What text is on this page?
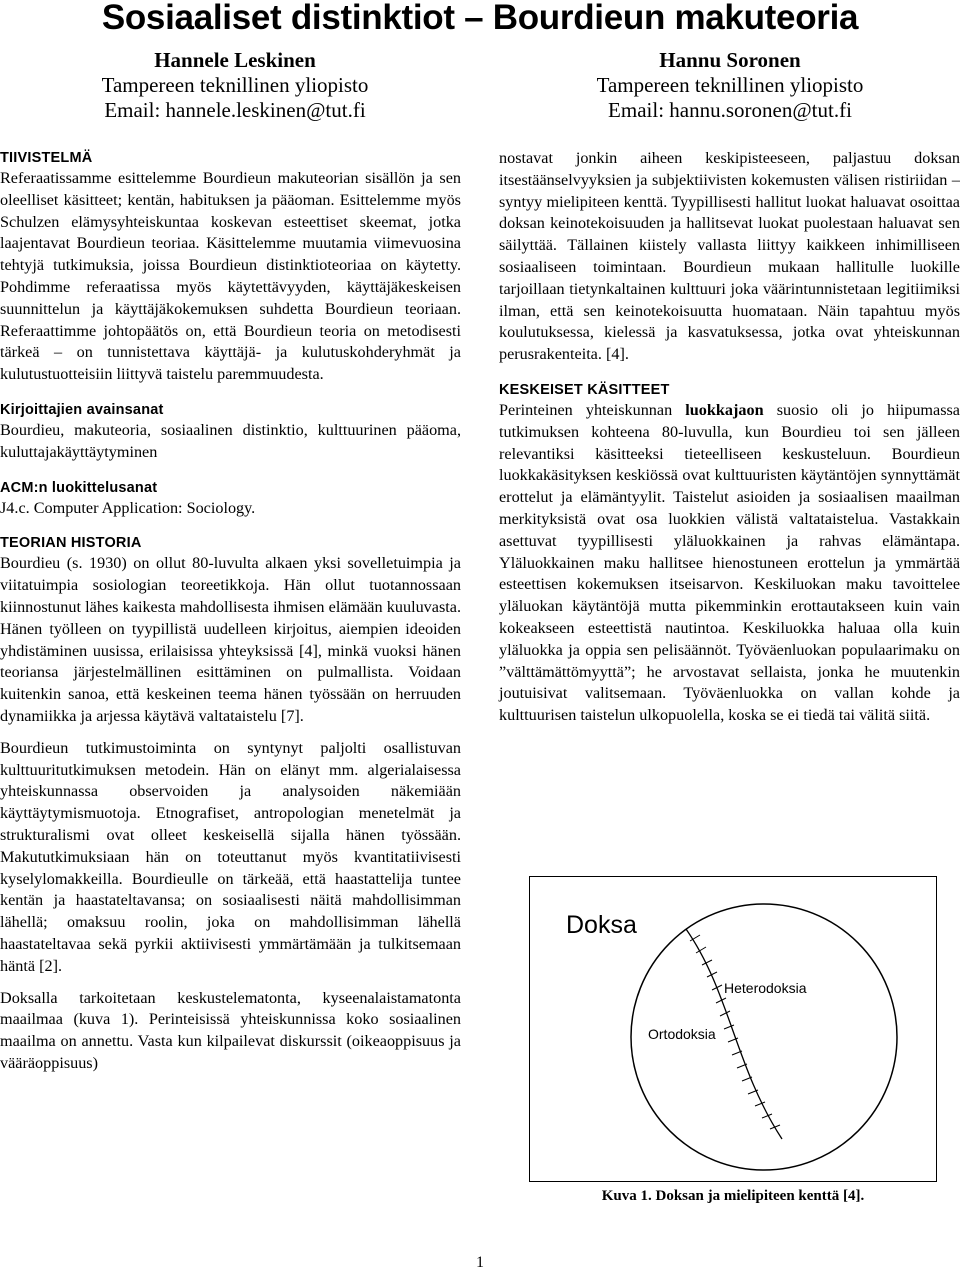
Sosiaaliset distinktiot – Bourdieun makuteoria
Hannele Leskinen
Tampereen teknillinen yliopisto
Email: hannele.leskinen@tut.fi
Hannu Soronen
Tampereen teknillinen yliopisto
Email: hannu.soronen@tut.fi
TIIVISTELMÄ

Referaatissamme esittelemme Bourdieun makuteorian sisällön ja sen oleelliset käsitteet; kentän, habituksen ja pääoman. Esittelemme myös Schulzen elämysyhteiskuntaa koskevan esteettiset skeemat, jotka laajentavat Bourdieun teoriaa. Käsittelemme muutamia viimevuosina tehtyjä tutkimuksia, joissa Bourdieun distinktioteoriaa on käytetty. Pohdimme referaatissa myös käytettävyyden, käyttäjäkeskeisen suunnittelun ja käyttäjäkokemuksen suhdetta Bourdieun teoriaan. Referaattimme johtopäätös on, että Bourdieun teoria on metodisesti tärkeä – on tunnistettava käyttäjä- ja kulutuskohderyhmät ja kulutustuotteisiin liittyvä taistelu paremmuudesta.

Kirjoittajien avainsanat

Bourdieu, makuteoria, sosiaalinen distinktio, kulttuurinen pääoma, kuluttajakäyttäytyminen

ACM:n luokittelusanat

J4.c. Computer Application: Sociology.

TEORIAN HISTORIA

Bourdieu (s. 1930) on ollut 80-luvulta alkaen yksi sovelletuimpia ja viitatuimpia sosiologian teoreetikkoja. Hän ollut tuotannossaan kiinnostunut lähes kaikesta mahdollisesta ihmisen elämään kuuluvasta. Hänen työlleen on tyypillistä uudelleen kirjoitus, aiempien ideoiden yhdistäminen uusissa, erilaisissa yhteyksissä [4], minkä vuoksi hänen teoriansa järjestelmällinen esittäminen on pulmallista. Voidaan kuitenkin sanoa, että keskeinen teema hänen työssään on herruuden dynamiikka ja arjessa käytävä valtataistelu [7].

Bourdieun tutkimustoiminta on syntynyt paljolti osallistuvan kulttuuritutkimuksen metodein. Hän on elänyt mm. algerialaisessa yhteiskunnassa observoiden ja analysoiden näkemiään käyttäytymismuotoja. Etnografiset, antropologian menetelmät ja strukturalismi ovat olleet keskeisellä sijalla hänen työssään. Makututkimuksiaan hän on toteuttanut myös kvantitatiivisesti kyselylomakkeilla. Bourdieulle on tärkeää, että haastattelija tuntee kentän ja haastateltavansa; on sosiaalisesti näitä mahdollisimman lähellä; omaksuu roolin, joka on mahdollisimman lähellä haastateltavaa sekä pyrkii aktiivisesti ymmärtämään ja tulkitsemaan häntä [2].

Doksalla tarkoitetaan keskustelematonta, kyseenalaistamatonta maailmaa (kuva 1). Perinteisissä yhteiskunnissa koko sosiaalinen maailma on annettu. Vasta kun kilpailevat diskurssit (oikeaoppisuus ja vääräoppisuus)

nostavat jonkin aiheen keskipisteeseen, paljastuu doksan itsestäänselvyyksien ja subjektiivisten kokemusten välisen ristiriidan – syntyy mielipiteen kenttä. Tyypillisesti hallitut luokat haluavat osoittaa doksan keinotekoisuuden ja hallitsevat luokat puolestaan haluavat sen säilyttää. Tällainen kiistely vallasta liittyy kaikkeen inhimilliseen sosiaaliseen toimintaan. Bourdieun mukaan hallitulle luokille tarjoillaan tietynkaltainen kulttuuri joka väärintunnistetaan legitiimiksi ilman, että sen keinotekoisuutta huomataan. Näin tapahtuu myös koulutuksessa, kielessä ja kasvatuksessa, jotka ovat yhteiskunnan perusrakenteita. [4].

KESKEISET KÄSITTEET

Perinteinen yhteiskunnan luokkajaon suosio oli jo hiipumassa tutkimuksen kohteena 80-luvulla, kun Bourdieu toi sen jälleen relevantiksi käsitteeksi tieteelliseen keskusteluun. Bourdieun luokkakäsityksen keskiössä ovat kulttuuristen käytäntöjen synnyttämät erottelut ja elämäntyylit. Taistelut asioiden ja sosiaalisen maailman merkityksistä ovat osa luokkien välistä valtataistelua. Vastakkain asettuvat tyypillisesti yläluokkainen ja rahvas elämäntapa. Yläluokkainen maku hallitsee hienostuneen erottelun ja ymmärtää esteettisen kokemuksen itseisarvon. Keskiluokan maku tavoittelee yläluokan käytäntöjä mutta pikemminkin erottautakseen kuin vain kokeakseen esteettistä nautintoa. Keskiluokka haluaa olla kuin yläluokka ja oppia sen pelisäännöt. Työväenluokan populaarimaku on ”välttämättömyyttä”; he arvostavat sellaista, jonka he muutenkin joutuisivat valitsemaan. Työväenluokka on vallan kohde ja kulttuurisen taistelun ulkopuolella, koska se ei tiedä tai välitä siitä.

Doksa
Heterodoksia
Ortodoksia
Kuva 1. Doksan ja mielipiteen kenttä [4].
1
